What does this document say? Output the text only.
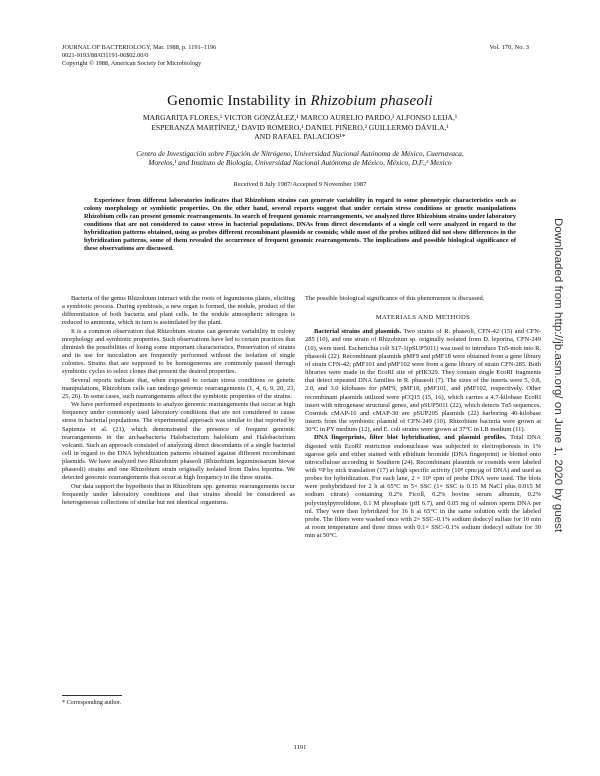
JOURNAL OF BACTERIOLOGY, Mar. 1988, p. 1191–1196
0021-9193/88/031191-06$02.00/0
Copyright © 1988, American Society for Microbiology
Vol. 170, No. 3
Genomic Instability in Rhizobium phaseoli
MARGARITA FLORES,¹ VICTOR GONZÁLEZ,¹ MARCO AURELIO PARDO,¹ ALFONSO LEIJA,¹
ESPERANZA MARTÍNEZ,¹ DAVID ROMERO,¹ DANIEL PIÑERO,² GUILLERMO DÁVILA,¹
AND RAFAEL PALACIOS¹*
Centro de Investigación sobre Fijación de Nitrógeno, Universidad Nacional Autónoma de México, Cuernavaca,
Morelos,¹ and Instituto de Biología, Universidad Nacional Autónoma de México, México, D.F.,² Mexico
Received 8 July 1987/Accepted 9 November 1987
Experience from different laboratories indicates that Rhizobium strains can generate variability in regard to some phenotypic characteristics such as colony morphology or symbiotic properties. On the other hand, several reports suggest that under certain stress conditions or genetic manipulations Rhizobium cells can present genomic rearrangements. In search of frequent genomic rearrangements, we analyzed three Rhizobium strains under laboratory conditions that are not considered to cause stress in bacterial populations. DNAs from direct descendants of a single cell were analyzed in regard to the hybridization patterns obtained, using as probes different recombinant plasmids or cosmids; while most of the probes utilized did not show differences in the hybridization patterns, some of them revealed the occurrence of frequent genomic rearrangements. The implications and possible biological significance of these observations are discussed.

Bacteria of the genus Rhizobium interact with the roots of leguminous plants, eliciting a symbiotic process. During symbiosis, a new organ is formed, the nodule, product of the differentiation of both bacteria and plant cells. In the nodule atmospheric nitrogen is reduced to ammonia, which in turn is assimilated by the plant.

It is a common observation that Rhizobium strains can generate variability in colony morphology and symbiotic properties. Such observations have led to certain practices that diminish the possibilities of losing some important characteristics. Preservation of strains and its use for inoculation are frequently performed without the isolation of single colonies. Strains that are supposed to be homogeneous are commonly passed through symbiotic cycles to select clones that present the desired properties.

Several reports indicate that, when exposed to certain stress conditions or genetic manipulations, Rhizobium cells can undergo genomic rearrangements (1, 4, 6, 9, 20, 23, 25, 26). In some cases, such rearrangements affect the symbiotic properties of the strains.

We have performed experiments to analyze genomic rearrangements that occur at high frequency under commonly used laboratory conditions that are not considered to cause stress in bacterial populations. The experimental approach was similar to that reported by Sapienza et al. (21), which demonstrated the presence of frequent genomic rearrangements in the archaebacteria Halobacterium halobium and Halobacterium volcanii. Such an approach consisted of analyzing direct descendants of a single bacterial cell in regard to the DNA hybridization patterns obtained against different recombinant plasmids. We have analyzed two Rhizobium phaseoli (Rhizobium leguminosarum biovar phaseoli) strains and one Rhizobium strain originally isolated from Dalea leporina. We detected genomic rearrangements that occur at high frequency in the three strains.

Our data support the hypothesis that in Rhizobium spp. genomic rearrangements occur frequently under laboratory conditions and that strains should be considered as heterogeneous collections of similar but not identical organisms.

* Corresponding author.

The possible biological significance of this phenomenon is discussed.

MATERIALS AND METHODS

Bacterial strains and plasmids. Two strains of R. phaseoli, CFN-42 (15) and CFN-285 (10), and one strain of Rhizobium sp. originally isolated from D. leporina, CFN-249 (10), were used. Escherichia coli S17-1(pSUP5011) was used to introduce Tn5-mob into R. phaseoli (22). Recombinant plasmids pMF9 and pMF18 were obtained from a gene library of strain CFN-42; pMF101 and pMF102 were from a gene library of strain CFN-285. Both libraries were made in the EcoRI site of pHK329. They contain single EcoRI fragments that detect repeated DNA families in R. phaseoli (7). The sizes of the inserts were 5, 0.8, 2.0, and 3.0 kilobases for pMF9, pMF18, pMF101, and pMF102, respectively. Other recombinant plasmids utilized were pCQ15 (15, 16), which carries a 4.7-kilobase EcoRI insert with nitrogenase structural genes, and pSUP5011 (22), which detects Tn5 sequences. Cosmids cMAP-16 and cMAP-30 are pSUP205 plasmids (22) harboring 40-kilobase inserts from the symbiotic plasmid of CFN-249 (10). Rhizobium bacteria were grown at 30°C in PY medium (12), and E. coli strains were grown at 37°C in LB medium (11).

DNA fingerprints, filter blot hybridization, and plasmid profiles. Total DNA digested with EcoRI restriction endonuclease was subjected to electrophoresis in 1% agarose gels and either stained with ethidium bromide (DNA fingerprint) or blotted onto nitrocellulose according to Southern (24). Recombinant plasmids or cosmids were labeled with ³²P by nick translation (17) at high specific activity (10⁸ cpm/μg of DNA) and used as probes for hybridization. For each lane, 2 × 10⁵ cpm of probe DNA were used. The blots were prehybridized for 2 h at 65°C in 5× SSC (1× SSC is 0.15 M NaCl plus 0.015 M sodium citrate) containing 0.2% Ficoll, 0.2% bovine serum albumin, 0.2% polyvinylpyrrolidone, 0.1 M phosphate (pH 6.7), and 0.05 mg of salmon sperm DNA per ml. They were then hybridized for 16 h at 65°C in the same solution with the labeled probe. The filters were washed once with 2× SSC–0.1% sodium dodecyl sulfate for 10 min at room temperature and three times with 0.1× SSC–0.1% sodium dodecyl sulfate for 30 min at 50°C.

1191
Downloaded from http://jb.asm.org/ on June 1, 2020 by guest
